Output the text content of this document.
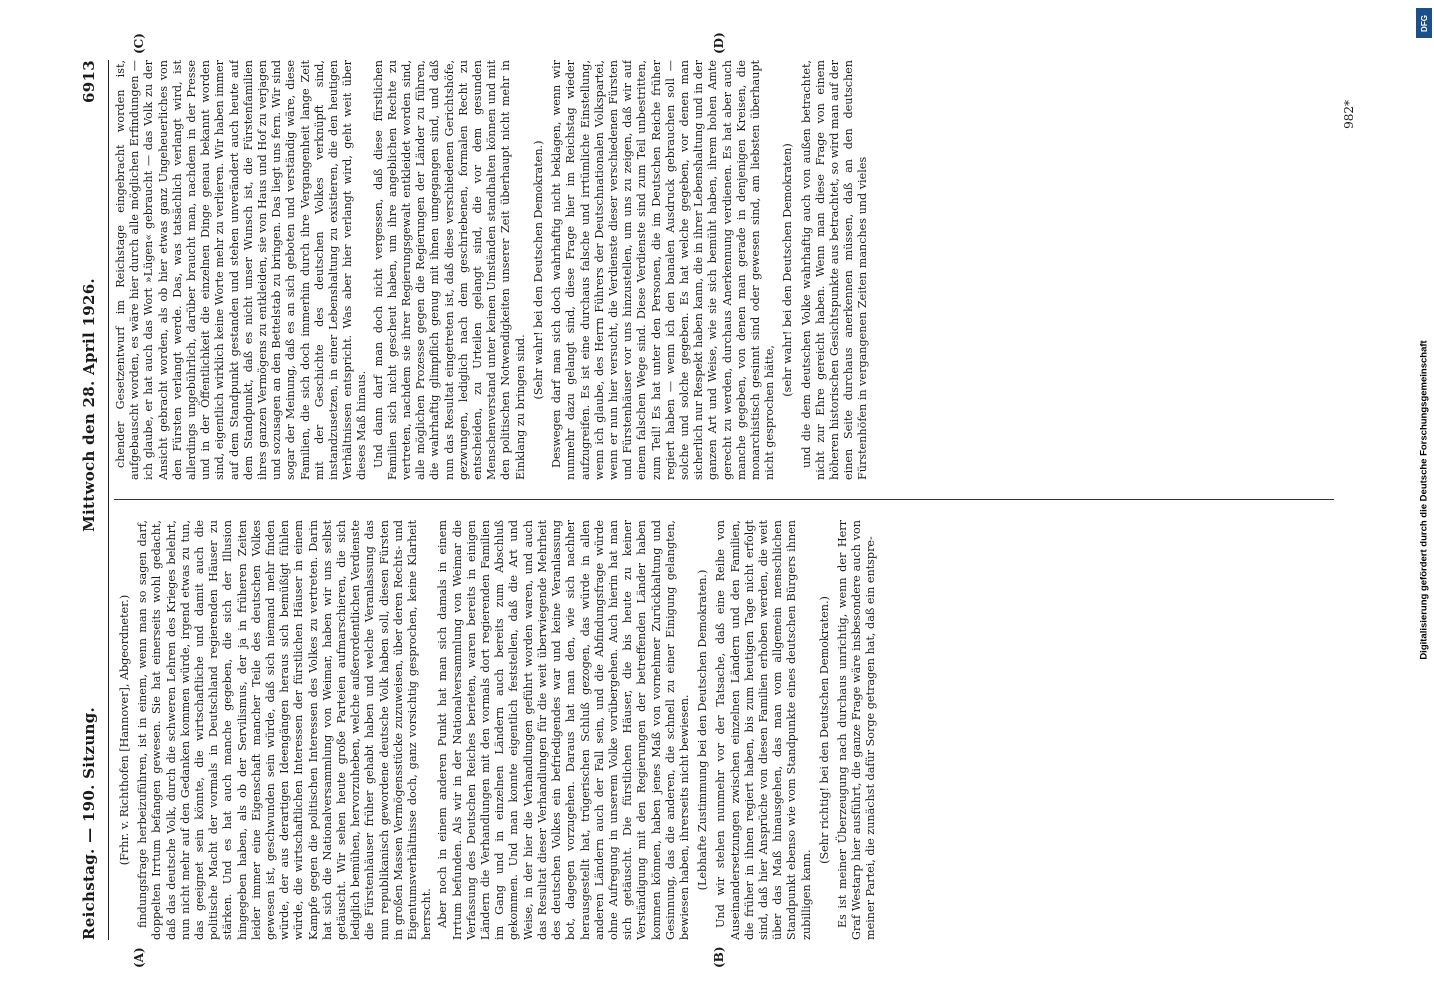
Reichstag. — 190. Sitzung.
Mittwoch den 28. April 1926.
6913

(Frhr. v. Richthofen [Hannover], Abgeordneter.) findungsfrage herbeizuführen, ist in einem, wenn man so sagen darf, doppelten Irrtum befangen gewesen. Sie hat einerseits wohl gedacht, daß das deutsche Volk, durch die schweren Lehren des Krieges belehrt, nun nicht mehr auf den Gedanken kommen würde, irgend etwas zu tun, das geeignet sein könnte, die wirtschaftliche und damit auch die politische Macht der vormals in Deutschland regierenden Häuser zu stärken. Und es hat auch manche gegeben, die sich der Illusion hingegeben haben, als ob der Servilismus, der ja in früheren Zeiten leider immer eine Eigenschaft mancher Teile des deutschen Volkes gewesen ist, geschwunden sein würde, daß sich niemand mehr finden würde, der aus derartigen Ideengängen heraus sich bemüßigt fühlen würde, die wirtschaftlichen Interessen der fürstlichen Häuser in einem Kampfe gegen die politischen Interessen des Volkes zu vertreten. Darin hat sich die Nationalversammlung von Weimar, haben wir uns selbst getäuscht. Wir sehen heute große Parteien aufmarschieren, die sich lediglich bemühen, hervorzuheben, welche außerordentlichen Verdienste die Fürstenhäuser früher gehabt haben und welche Veranlassung das nun republikanisch gewordene deutsche Volk haben soll, diesen Fürsten in großen Massen Vermögensstücke zuzuweisen, über deren Rechts- und Eigentumsverhältnisse doch, ganz vorsichtig gesprochen, keine Klarheit herrscht. Aber noch in einem anderen Punkt hat man sich damals in einem Irrtum befunden. Als wir in der Nationalversammlung von Weimar die Verfassung des Deutschen Reiches berieten, waren bereits in einigen Ländern die Verhandlungen mit den vormals dort regierenden Familien im Gang und in einzelnen Ländern auch bereits zum Abschluß gekommen. Und man konnte eigentlich feststellen, daß die Art und Weise, in der hier die Verhandlungen geführt worden waren, und auch das Resultat dieser Verhandlungen für die weit überwiegende Mehrheit des deutschen Volkes ein befriedigendes war und keine Veranlassung bot, dagegen vorzugehen. Daraus hat man den, wie sich nachher herausgestellt hat, trügerischen Schluß gezogen, das würde in allen anderen Ländern auch der Fall sein, und die Abfindungsfrage würde ohne Aufregung in unserem Volke vorübergehen. Auch hierin hat man sich getäuscht. Die fürstlichen Häuser, die bis heute zu keiner Verständigung mit den Regierungen der betreffenden Länder haben kommen können, haben jenes Maß von vornehmer Zurückhaltung und Gesinnung, das die anderen, die schnell zu einer Einigung gelangten, bewiesen haben, ihrerseits nicht bewiesen. (Lebhafte Zustimmung bei den Deutschen Demokraten.) Und wir stehen nunmehr vor der Tatsache, daß eine Reihe von Auseinandersetzungen zwischen einzelnen Ländern und den Familien, die früher in ihnen regiert haben, bis zum heutigen Tage nicht erfolgt sind, daß hier Ansprüche von diesen Familien erhoben werden, die weit über das Maß hinausgehen, das man vom allgemein menschlichen Standpunkt ebenso wie vom Standpunkte eines deutschen Bürgers ihnen zubilligen kann.

(Sehr richtig! bei den Deutschen Demokraten.) Es ist meiner Überzeugung nach durchaus unrichtig, wenn der Herr Graf Westarp hier ausführt, die ganze Frage wäre insbesondere auch von meiner Partei, die zunächst dafür Sorge getragen hat, daß ein entspre-

chender Gesetzentwurf im Reichstage eingebracht worden ist, aufgebauscht worden, es wäre hier durch alle möglichen Erfindungen — ich glaube, er hat auch das Wort »Lügen« gebraucht — das Volk zu der Ansicht gebracht worden, als ob hier etwas ganz Ungeheuerliches von den Fürsten verlangt werde. Das, was tatsächlich verlangt wird, ist allerdings ungebührlich, darüber braucht man, nachdem in der Presse und in der Öffentlichkeit die einzelnen Dinge genau bekannt worden sind, eigentlich wirklich keine Worte mehr zu verlieren. Wir haben immer auf dem Standpunkt gestanden und stehen unverändert auch heute auf dem Standpunkt, daß es nicht unser Wunsch ist, die Fürstenfamilien ihres ganzen Vermögens zu entkleiden, sie von Haus und Hof zu verjagen und sozusagen an den Bettelstab zu bringen. Das liegt uns fern. Wir sind sogar der Meinung, daß es an sich geboten und verständig wäre, diese Familien, die sich doch immerhin durch ihre Vergangenheit lange Zeit mit der Geschichte des deutschen Volkes verknüpft sind, instandzusetzen, in einer Lebenshaltung zu existieren, die den heutigen Verhältnissen entspricht. Was aber hier verlangt wird, geht weit über dieses Maß hinaus. Und dann darf man doch nicht vergessen, daß diese fürstlichen Familien sich nicht gescheut haben, um ihre angeblichen Rechte zu vertreten, nachdem sie ihrer Regierungsgewalt entkleidet worden sind, alle möglichen Prozesse gegen die Regierungen der Länder zu führen, die wahrhaftig glimpflich genug mit ihnen umgegangen sind, und daß nun das Resultat eingetreten ist, daß diese verschiedenen Gerichtshöfe, gezwungen, lediglich nach dem geschriebenen, formalen Recht zu entscheiden, zu Urteilen gelangt sind, die vor dem gesunden Menschenverstand unter keinen Umständen standhalten können und mit den politischen Notwendigkeiten unserer Zeit überhaupt nicht mehr in Einklang zu bringen sind.

(Sehr wahr! bei den Deutschen Demokraten.) Deswegen darf man sich doch wahrhaftig nicht beklagen, wenn wir nunmehr dazu gelangt sind, diese Frage hier im Reichstag wieder aufzugreifen. Es ist eine durchaus falsche und irrtümliche Einstellung, wenn ich glaube, des Herrn Führers der Deutschnationalen Volkspartei, wenn er nun hier versucht, die Verdienste dieser verschiedenen Fürsten und Fürstenhäuser vor uns hinzustellen, um uns zu zeigen, daß wir auf einem falschen Wege sind. Diese Verdienste sind zum Teil unbestritten, zum Teil! Es hat unter den Personen, die im Deutschen Reiche früher regiert haben — wenn ich den banalen Ausdruck gebrauchen soll — solche und solche gegeben. Es hat welche gegeben, vor denen man sicherlich nur Respekt haben kann, die in ihrer Lebenshaltung und in der ganzen Art und Weise, wie sie sich bemüht haben, ihrem hohen Amte gerecht zu werden, durchaus Anerkennung verdienen. Es hat aber auch manche gegeben, von denen man gerade in denjenigen Kreisen, die monarchistisch gesinnt sind oder gewesen sind, am liebsten überhaupt nicht gesprochen hätte,

(sehr wahr! bei den Deutschen Demokraten) und die dem deutschen Volke wahrhaftig auch von außen betrachtet, nicht zur Ehre gereicht haben. Wenn man diese Frage von einem höheren historischen Gesichtspunkte aus betrachtet, so wird man auf der einen Seite durchaus anerkennen müssen, daß an den deutschen Fürstenhöfen in vergangenen Zeiten manches und vieles

(A)	(B)
(C)	(D)
982*
DFG
Digitalisierung gefördert durch die Deutsche Forschungsgemeinschaft
